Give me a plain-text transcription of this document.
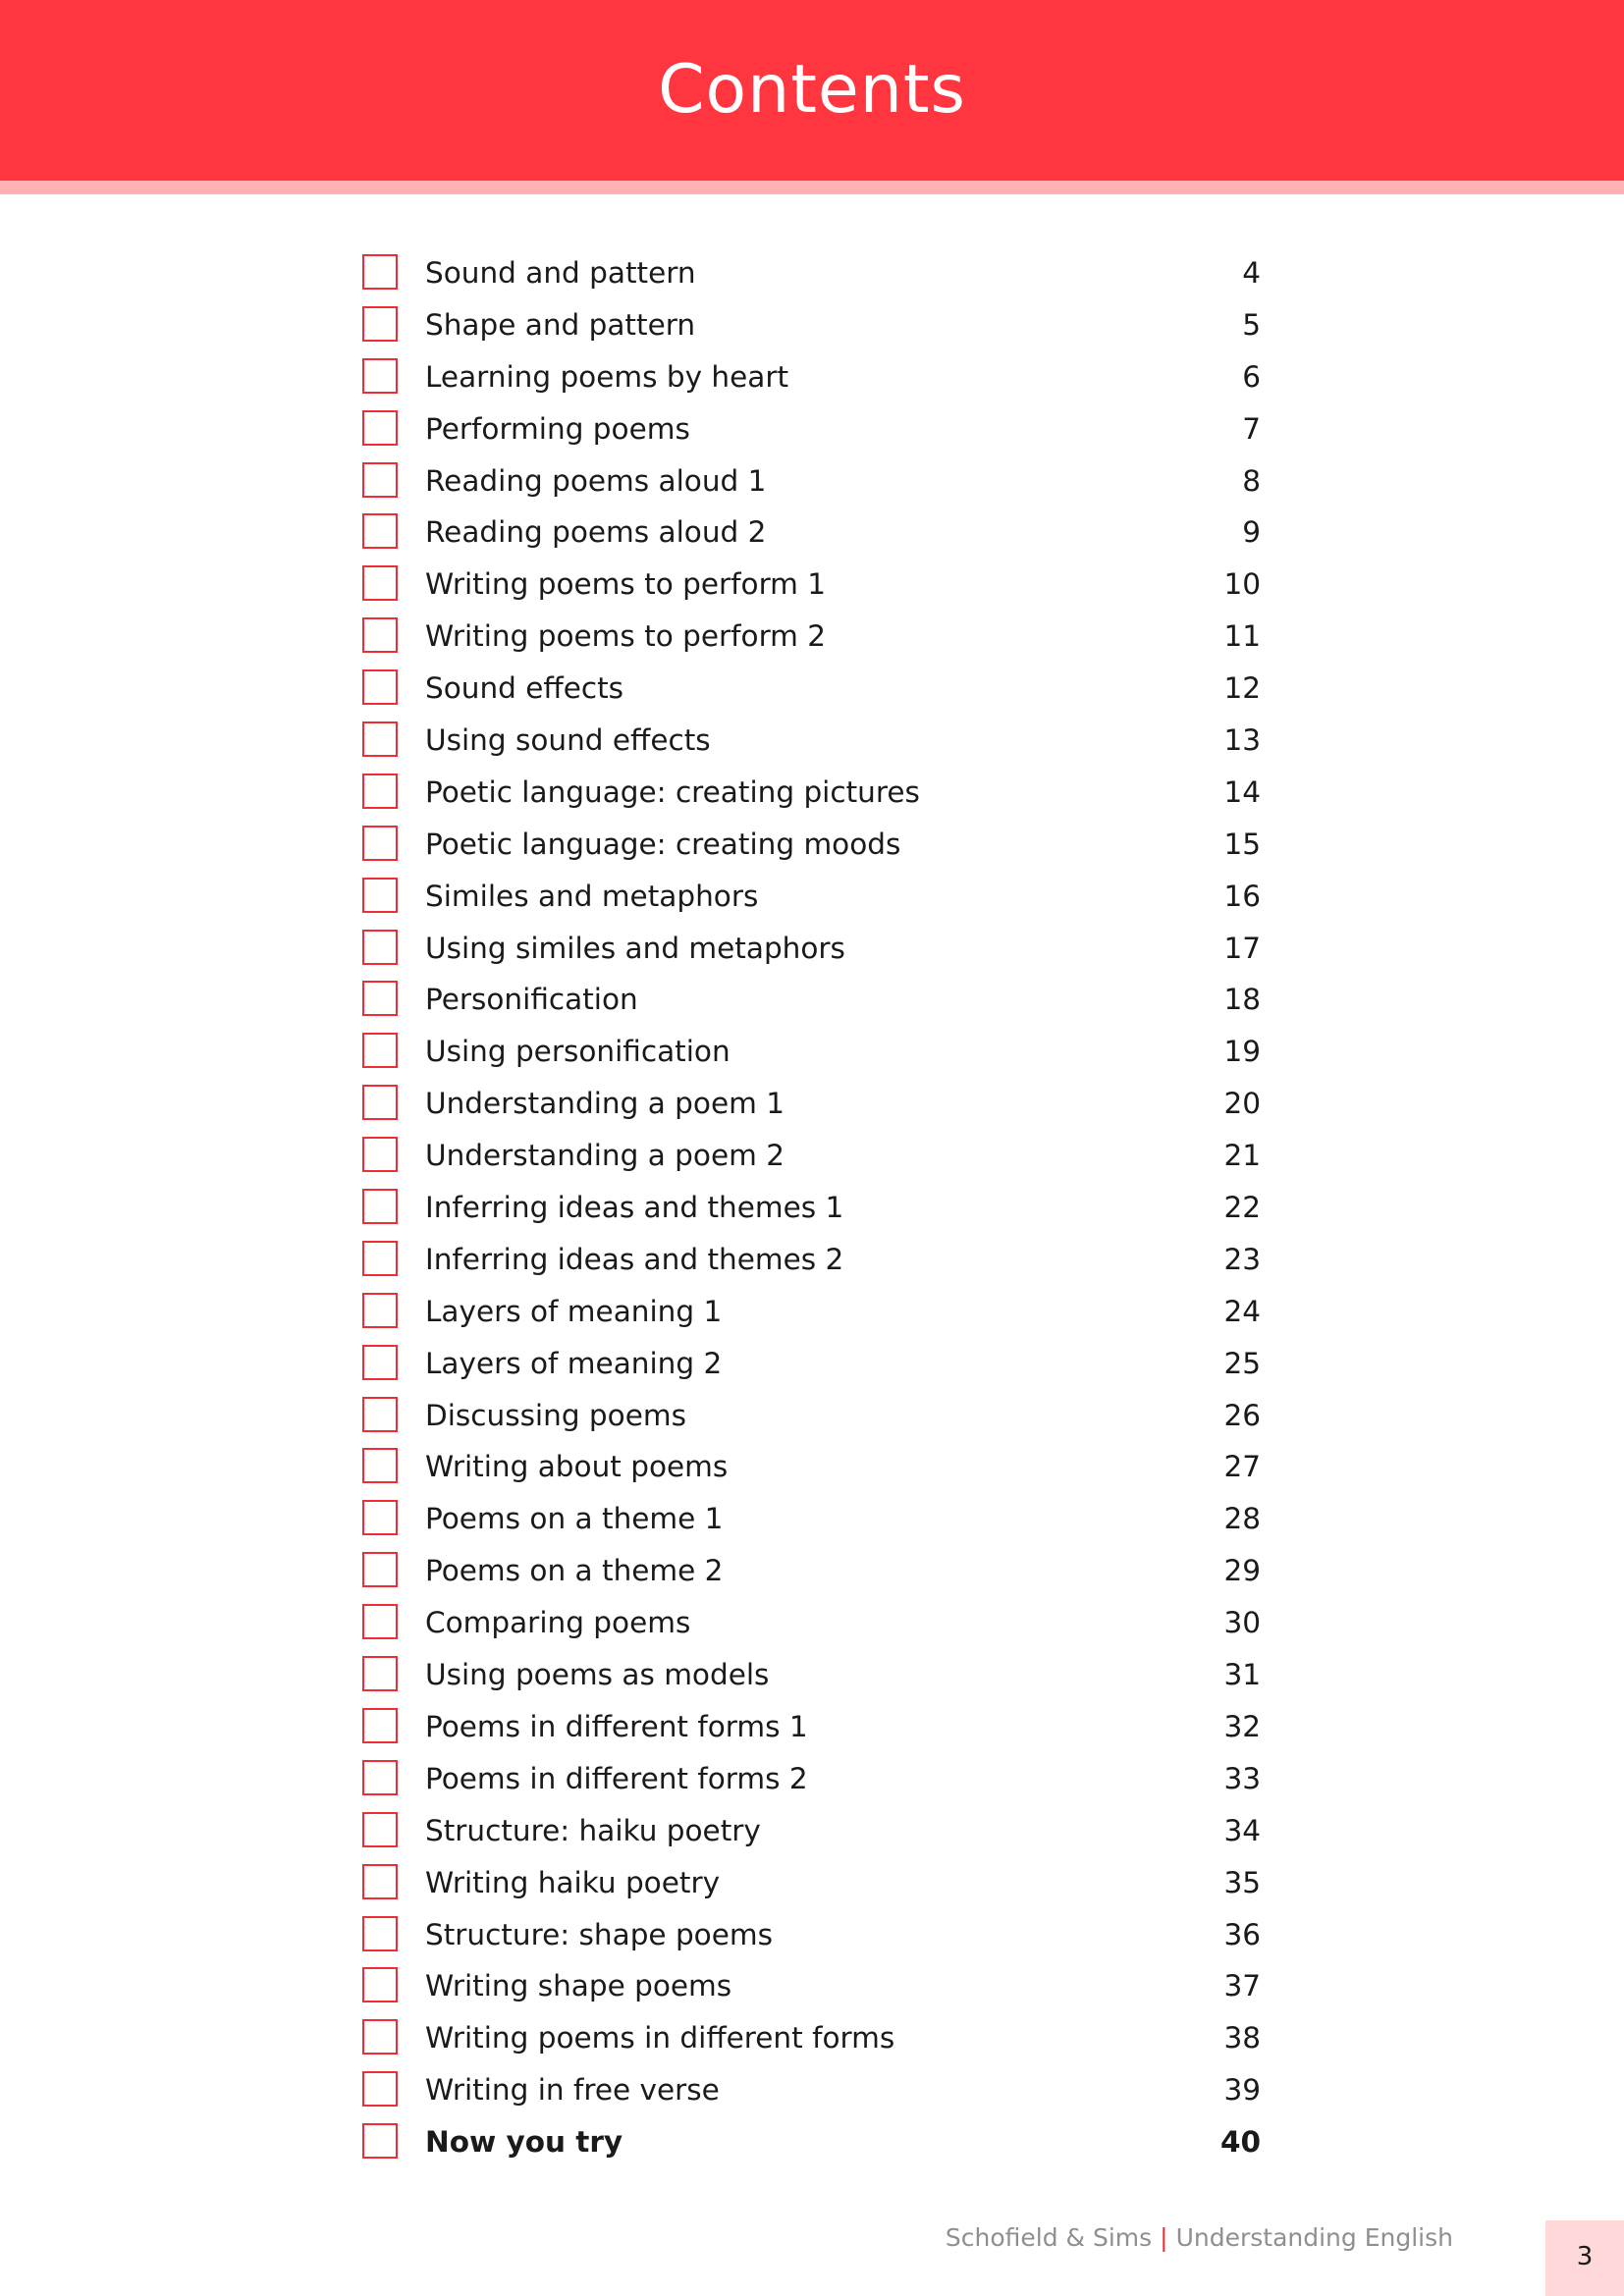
Contents
Sound and pattern	4
Shape and pattern	5
Learning poems by heart	6
Performing poems	7
Reading poems aloud 1	8
Reading poems aloud 2	9
Writing poems to perform 1	10
Writing poems to perform 2	11
Sound effects	12
Using sound effects	13
Poetic language: creating pictures	14
Poetic language: creating moods	15
Similes and metaphors	16
Using similes and metaphors	17
Personification	18
Using personification	19
Understanding a poem 1	20
Understanding a poem 2	21
Inferring ideas and themes 1	22
Inferring ideas and themes 2	23
Layers of meaning 1	24
Layers of meaning 2	25
Discussing poems	26
Writing about poems	27
Poems on a theme 1	28
Poems on a theme 2	29
Comparing poems	30
Using poems as models	31
Poems in different forms 1	32
Poems in different forms 2	33
Structure: haiku poetry	34
Writing haiku poetry	35
Structure: shape poems	36
Writing shape poems	37
Writing poems in different forms	38
Writing in free verse	39
Now you try	40
Schofield & Sims | Understanding English
3
